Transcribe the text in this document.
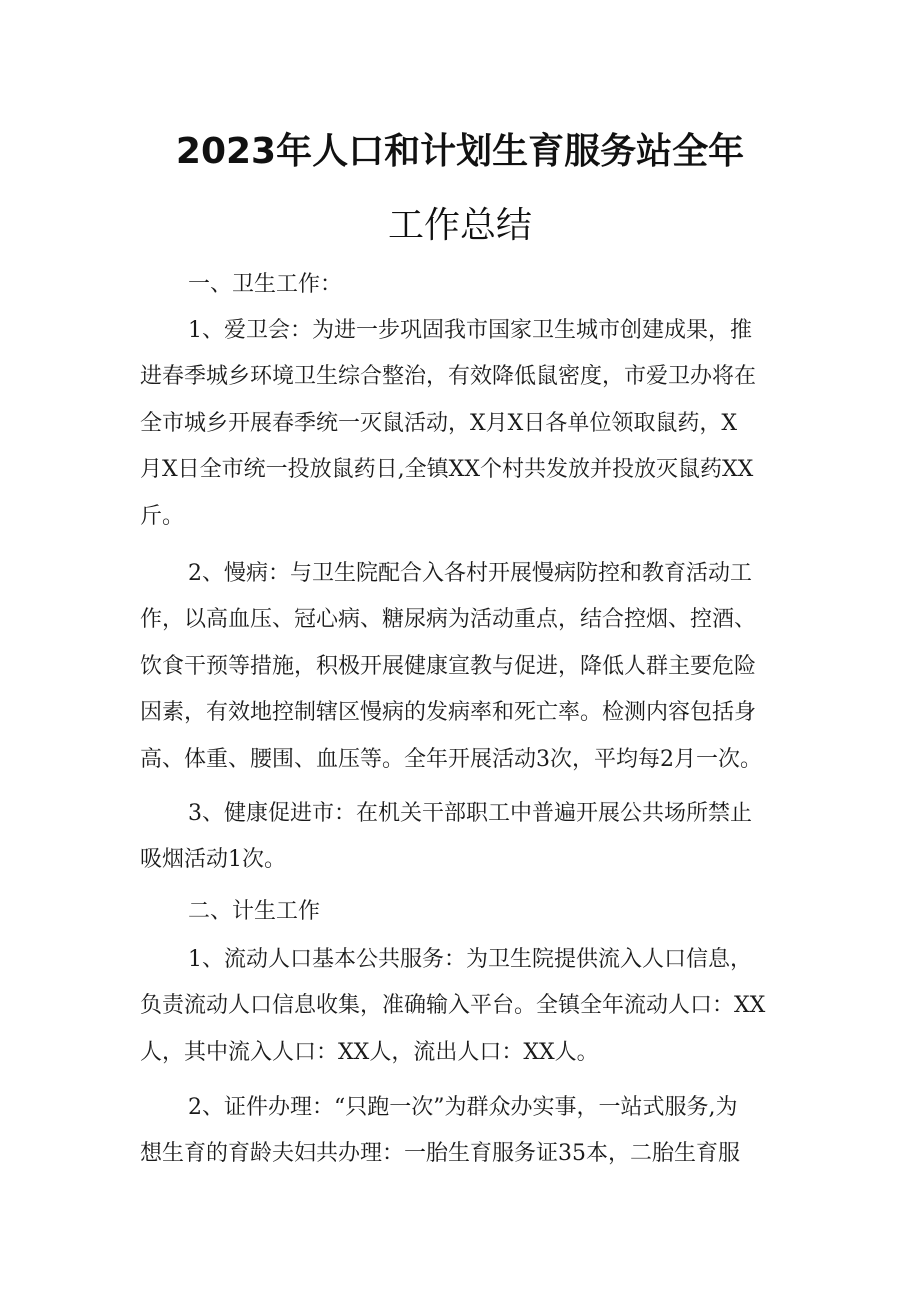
2023年人口和计划生育服务站全年
工作总结

一、卫生工作：

1、爱卫会：为进一步巩固我市国家卫生城市创建成果，推
进春季城乡环境卫生综合整治，有效降低鼠密度，市爱卫办将在
全市城乡开展春季统一灭鼠活动，X月X日各单位领取鼠药，X
月X日全市统一投放鼠药日,全镇XX个村共发放并投放灭鼠药XX
斤。
2、慢病：与卫生院配合入各村开展慢病防控和教育活动工
作，以高血压、冠心病、糖尿病为活动重点，结合控烟、控酒、
饮食干预等措施，积极开展健康宣教与促进，降低人群主要危险
因素，有效地控制辖区慢病的发病率和死亡率。检测内容包括身
高、体重、腰围、血压等。全年开展活动3次，平均每2月一次。
3、健康促进市：在机关干部职工中普遍开展公共场所禁止
吸烟活动1次。

二、计生工作

1、流动人口基本公共服务：为卫生院提供流入人口信息，
负责流动人口信息收集，准确输入平台。全镇全年流动人口：XX
人，其中流入人口：XX人，流出人口：XX人。
2、证件办理：“只跑一次”为群众办实事，一站式服务,为
想生育的育龄夫妇共办理：一胎生育服务证35本，二胎生育服
